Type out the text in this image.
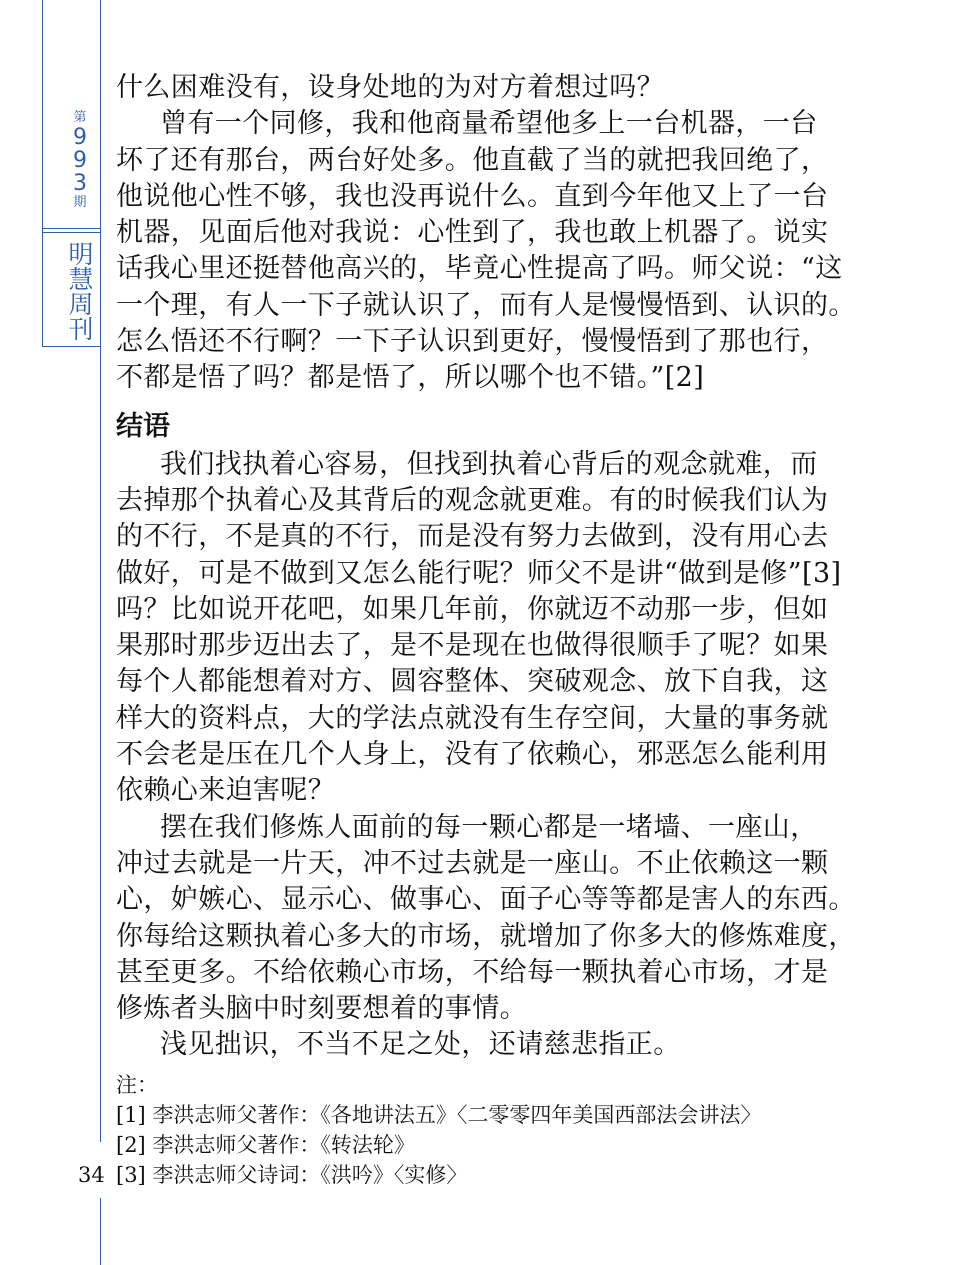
第
9
9
3
期
明
慧
周
刊
什么困难没有，设身处地的为对方着想过吗？
曾有一个同修，我和他商量希望他多上一台机器，一台
坏了还有那台，两台好处多。他直截了当的就把我回绝了，
他说他心性不够，我也没再说什么。直到今年他又上了一台
机器，见面后他对我说：心性到了，我也敢上机器了。说实
话我心里还挺替他高兴的，毕竟心性提高了吗。师父说：“这
一个理，有人一下子就认识了，而有人是慢慢悟到、认识的。
怎么悟还不行啊？一下子认识到更好，慢慢悟到了那也行，
不都是悟了吗？都是悟了，所以哪个也不错。”[2]
结语
我们找执着心容易，但找到执着心背后的观念就难，而
去掉那个执着心及其背后的观念就更难。有的时候我们认为
的不行，不是真的不行，而是没有努力去做到，没有用心去
做好，可是不做到又怎么能行呢？师父不是讲“做到是修”[3]
吗？比如说开花吧，如果几年前，你就迈不动那一步，但如
果那时那步迈出去了，是不是现在也做得很顺手了呢？如果
每个人都能想着对方、圆容整体、突破观念、放下自我，这
样大的资料点，大的学法点就没有生存空间，大量的事务就
不会老是压在几个人身上，没有了依赖心，邪恶怎么能利用
依赖心来迫害呢？
摆在我们修炼人面前的每一颗心都是一堵墙、一座山，
冲过去就是一片天，冲不过去就是一座山。不止依赖这一颗
心，妒嫉心、显示心、做事心、面子心等等都是害人的东西。
你每给这颗执着心多大的市场，就增加了你多大的修炼难度，
甚至更多。不给依赖心市场，不给每一颗执着心市场，才是
修炼者头脑中时刻要想着的事情。
浅见拙识，不当不足之处，还请慈悲指正。
注：
[1] 李洪志师父著作：《各地讲法五》〈二零零四年美国西部法会讲法〉
[2] 李洪志师父著作：《转法轮》
[3] 李洪志师父诗词：《洪吟》〈实修〉
34
